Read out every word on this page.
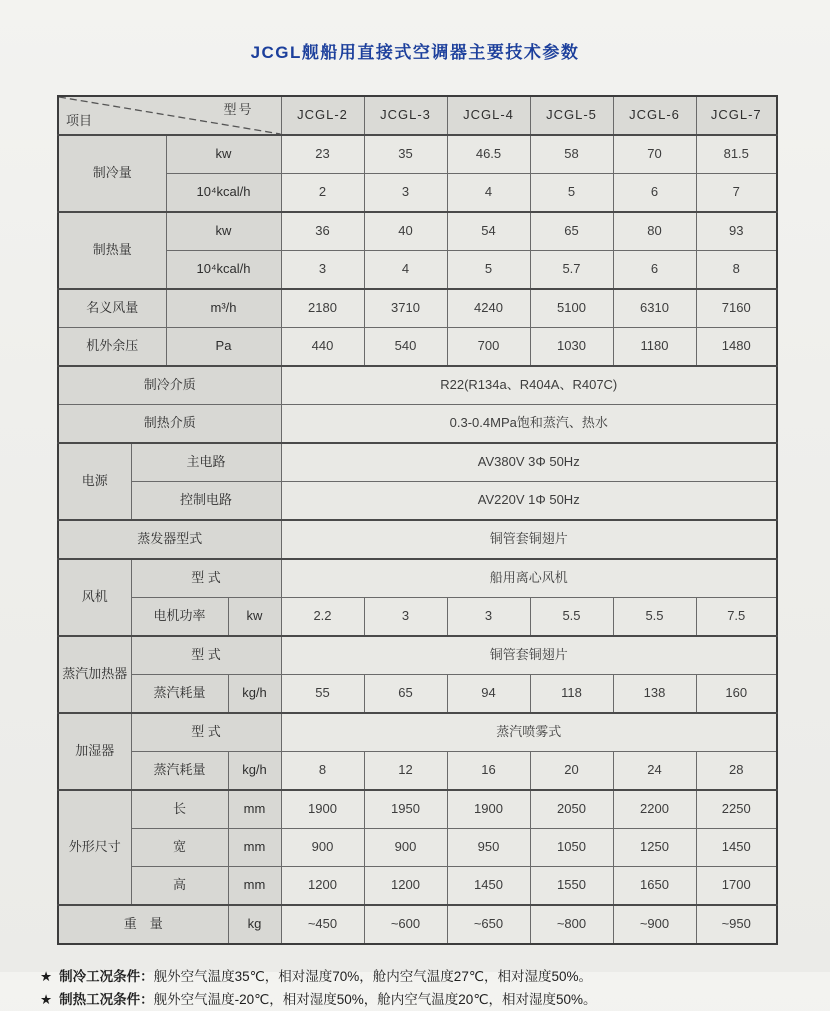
JCGL舰船用直接式空调器主要技术参数
项目
型号				JCGL-2	JCGL-3	JCGL-4	JCGL-5	JCGL-6	JCGL-7
制冷量		kw		23	35	46.5	58	70	81.5
		10⁴kcal/h		2	3	4	5	6	7
制热量		kw		36	40	54	65	80	93
		10⁴kcal/h		3	4	5	5.7	6	8
名义风量		m³/h		2180	3710	4240	5100	6310	7160
机外余压		Pa		440	540	700	1030	1180	1480
制冷介质				R22(R134a、R404A、R407C)					
制热介质				0.3-0.4MPa饱和蒸汽、热水					
电源	主电路			AV380V 3Φ 50Hz					
	控制电路			AV220V 1Φ 50Hz					
蒸发器型式				铜管套铜翅片					
风机	型 式			船用离心风机					
	电机功率		kw	2.2	3	3	5.5	5.5	7.5
蒸汽加热器	型 式			铜管套铜翅片					
	蒸汽耗量		kg/h	55	65	94	118	138	160
加湿器	型 式			蒸汽喷雾式					
	蒸汽耗量		kg/h	8	12	16	20	24	28
外形尺寸	长		mm	1900	1950	1900	2050	2200	2250
	宽		mm	900	900	950	1050	1250	1450
	高		mm	1200	1200	1450	1550	1650	1700
重　量			kg	~450	~600	~650	~800	~900	~950
★ 制冷工况条件：舰外空气温度35℃，相对湿度70%，舱内空气温度27℃，相对湿度50%。
★ 制热工况条件：舰外空气温度-20℃，相对湿度50%，舱内空气温度20℃，相对湿度50%。
